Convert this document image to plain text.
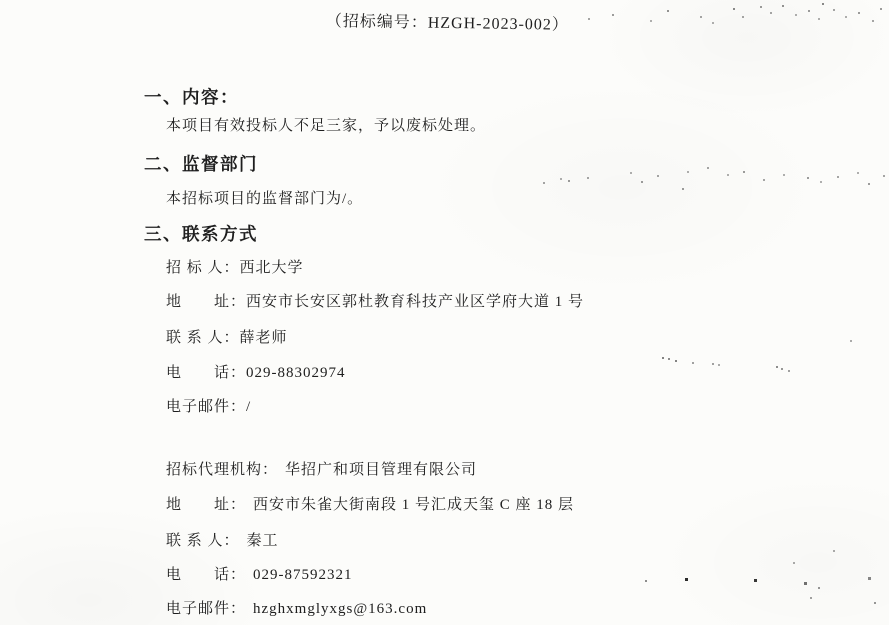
（招标编号：HZGH-2023-002）
一、内容：

本项目有效投标人不足三家，予以废标处理。

二、监督部门

本招标项目的监督部门为/。

三、联系方式

招 标 人：西北大学

地　　址：西安市长安区郭杜教育科技产业区学府大道 1 号

联 系 人：薛老师

电　　话：029-88302974

电子邮件：/

招标代理机构： 华招广和项目管理有限公司

地　　址： 西安市朱雀大街南段 1 号汇成天玺 C 座 18 层

联 系 人： 秦工

电　　话： 029-87592321

电子邮件： hzghxmglyxgs@163.com
